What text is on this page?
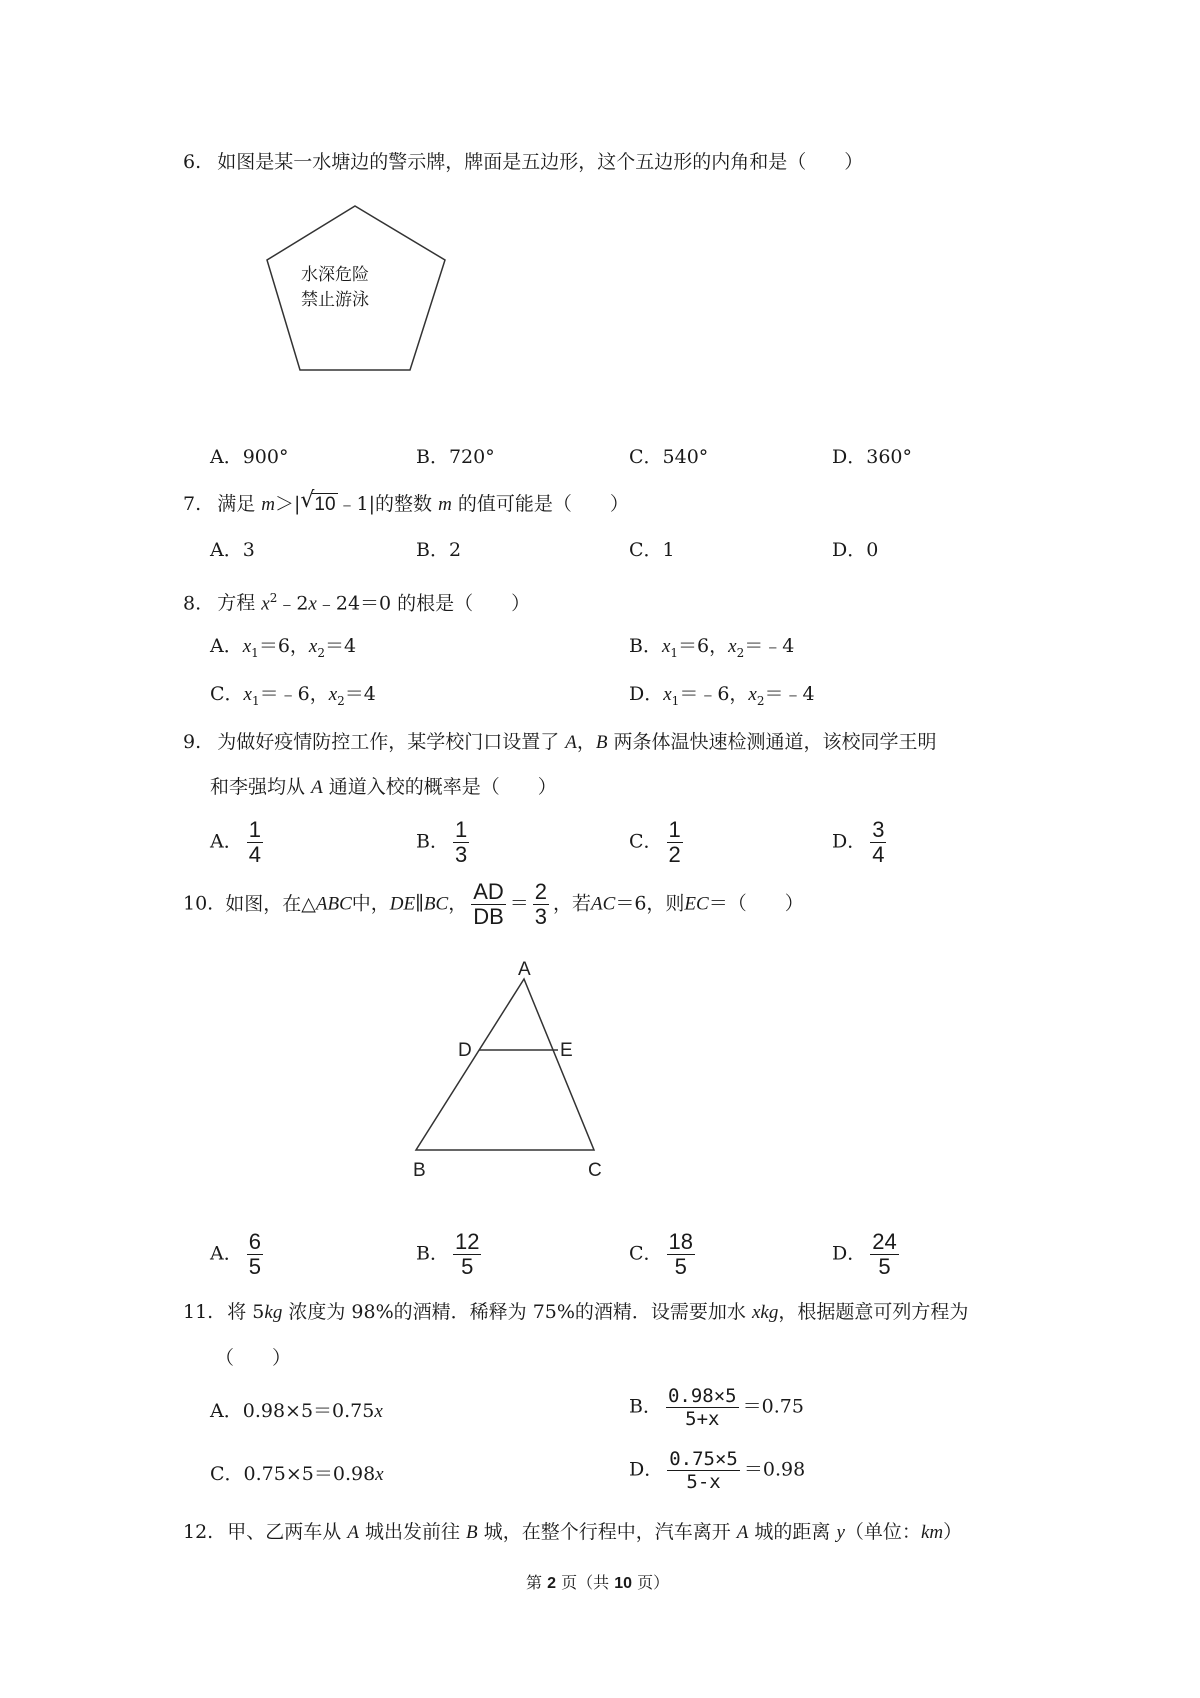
6. 如图是某一水塘边的警示牌，牌面是五边形，这个五边形的内角和是（　　）
水深危险
禁止游泳
A．900°	B．720°	C．540°	D．360°
7. 满足 m＞|√ 10 ﹣1|的整数 m 的值可能是（　　）
A．3	B．2	C．1	D．0
8. 方程 $x^2﹣2x﹣24=0$ 的根是（　　）
A．$x_1=6$，$x_2=4$	B．$x_1=6$，$x_2=﹣4$
C．$x_1=﹣6$，$x_2=4$	D．$x_1=﹣6$，$x_2=﹣4$
9. 为做好疫情防控工作，某学校门口设置了 A，B 两条体温快速检测通道，该校同学王明
和李强均从 A 通道入校的概率是（　　）
A． $\frac{1}{4}$	B． $\frac{1}{3}$	C． $\frac{1}{2}$	D． $\frac{3}{4}$
10. 如图，在△ABC中，DE∥BC， $\frac{AD}{DB} = \frac{2}{3}$ ，若AC＝6，则EC＝（　　）
A
D	E
B	C
A． $\frac{6}{5}$	B． $\frac{12}{5}$	C． $\frac{18}{5}$	D． $\frac{24}{5}$
11. 将 5kg 浓度为 98%的酒精．稀释为 75%的酒精．设需要加水 xkg，根据题意可列方程为
（　　）
A．0.98×5＝0.75x	B． $\frac{0.98\times 5}{5+x} =0.75$
C．0.75×5＝0.98x	D． $\frac{0.75\times 5}{5-x} =0.98$
12. 甲、乙两车从 A 城出发前往 B 城，在整个行程中，汽车离开 A 城的距离 y（单位：km）
第 2 页（共 10 页）
